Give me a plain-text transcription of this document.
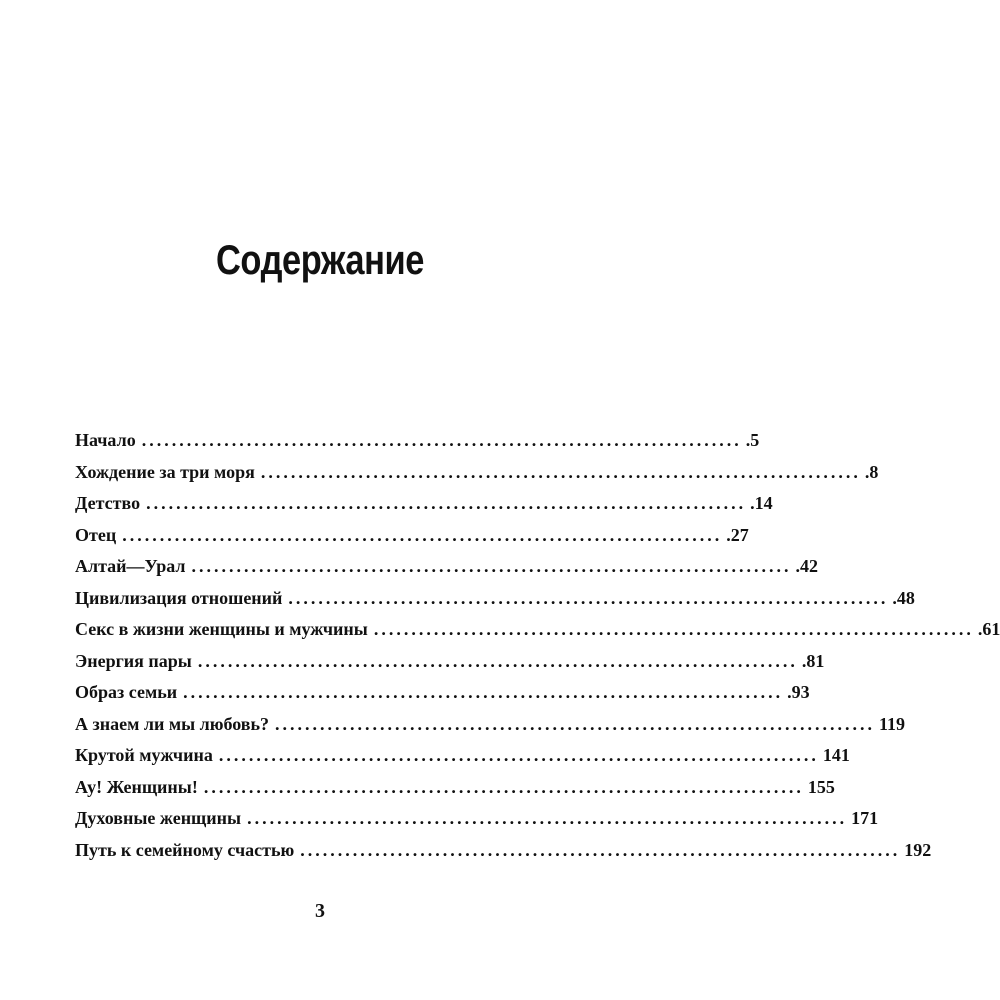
Содержание
Начало ................................................................................ .5
Хождение за три моря ................................................................................ .8
Детство ................................................................................ .14
Отец ................................................................................ .27
Алтай—Урал ................................................................................ .42
Цивилизация отношений ................................................................................ .48
Секс в жизни женщины и мужчины ................................................................................ .61
Энергия пары ................................................................................ .81
Образ семьи ................................................................................ .93
А знаем ли мы любовь? ................................................................................ 119
Крутой мужчина ................................................................................ 141
Ау! Женщины! ................................................................................ 155
Духовные женщины ................................................................................ 171
Путь к семейному счастью ................................................................................ 192
3
